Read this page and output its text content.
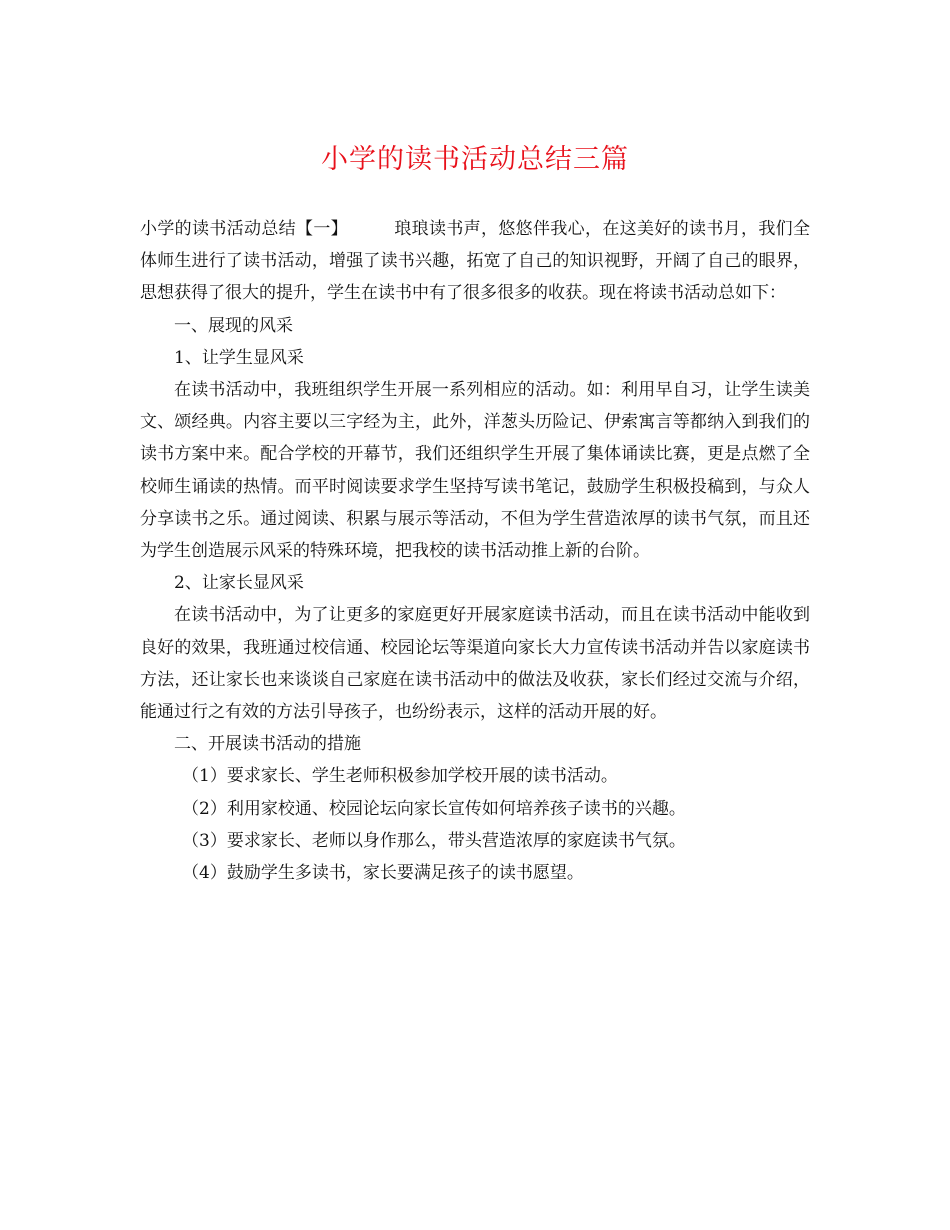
小学的读书活动总结三篇

小学的读书活动总结【一】	琅琅读书声，悠悠伴我心，在这美好的读书月，我们全体师生进行了读书活动，增强了读书兴趣，拓宽了自己的知识视野，开阔了自己的眼界，思想获得了很大的提升，学生在读书中有了很多很多的收获。现在将读书活动总如下：

一、展现的风采

1、让学生显风采

在读书活动中，我班组织学生开展一系列相应的活动。如：利用早自习，让学生读美文、颂经典。内容主要以三字经为主，此外，洋葱头历险记、伊索寓言等都纳入到我们的读书方案中来。配合学校的开幕节，我们还组织学生开展了集体诵读比赛，更是点燃了全校师生诵读的热情。而平时阅读要求学生坚持写读书笔记，鼓励学生积极投稿到，与众人分享读书之乐。通过阅读、积累与展示等活动，不但为学生营造浓厚的读书气氛，而且还为学生创造展示风采的特殊环境，把我校的读书活动推上新的台阶。

2、让家长显风采

在读书活动中，为了让更多的家庭更好开展家庭读书活动，而且在读书活动中能收到良好的效果，我班通过校信通、校园论坛等渠道向家长大力宣传读书活动并告以家庭读书方法，还让家长也来谈谈自己家庭在读书活动中的做法及收获，家长们经过交流与介绍，能通过行之有效的方法引导孩子，也纷纷表示，这样的活动开展的好。

二、开展读书活动的措施

（1）要求家长、学生老师积极参加学校开展的读书活动。

（2）利用家校通、校园论坛向家长宣传如何培养孩子读书的兴趣。

（3）要求家长、老师以身作那么，带头营造浓厚的家庭读书气氛。

（4）鼓励学生多读书，家长要满足孩子的读书愿望。
